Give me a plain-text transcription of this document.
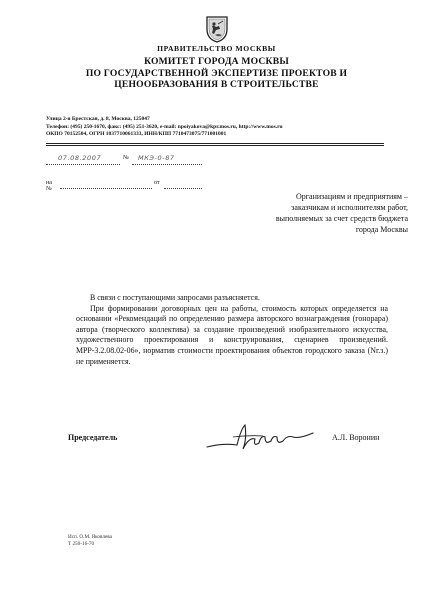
ПРАВИТЕЛЬСТВО МОСКВЫ
КОМИТЕТ ГОРОДА МОСКВЫ
ПО ГОСУДАРСТВЕННОЙ ЭКСПЕРТИЗЕ ПРОЕКТОВ И
ЦЕНООБРАЗОВАНИЯ В СТРОИТЕЛЬСТВЕ
Улица 2-я Брестская, д. 8, Москва, 125047
Телефон: (495) 250-1670, факс: (495) 251-3620, e-mail: npoiyakova@kpr.mos.ru, http://www.mos.ru
ОКПО 70152504, ОГРН 1037710061333, ИНН/КПП 7710473075/771001001
07.08.2007	№ МКЭ-0-87
на №
от
Организациям и предприятиям – заказчикам и исполнителям работ, выполняемых за счет средств бюджета города Москвы

В связи с поступающими запросами разъясняется.

При формировании договорных цен на работы, стоимость которых определяется на основании «Рекомендаций по определению размера авторского вознаграждения (гонорара) автора (творческого коллектива) за создание произведений изобразительного искусства, художественного проектирования и конструирования, сценариев произведений. МРР-3.2.08.02-06», норматив стоимости проектирования объектов городского заказа (Nг.з.) не применяется.

Председатель	А.Л. Воронин
Исп. О.М. Яковлева
Т 250-16-70
